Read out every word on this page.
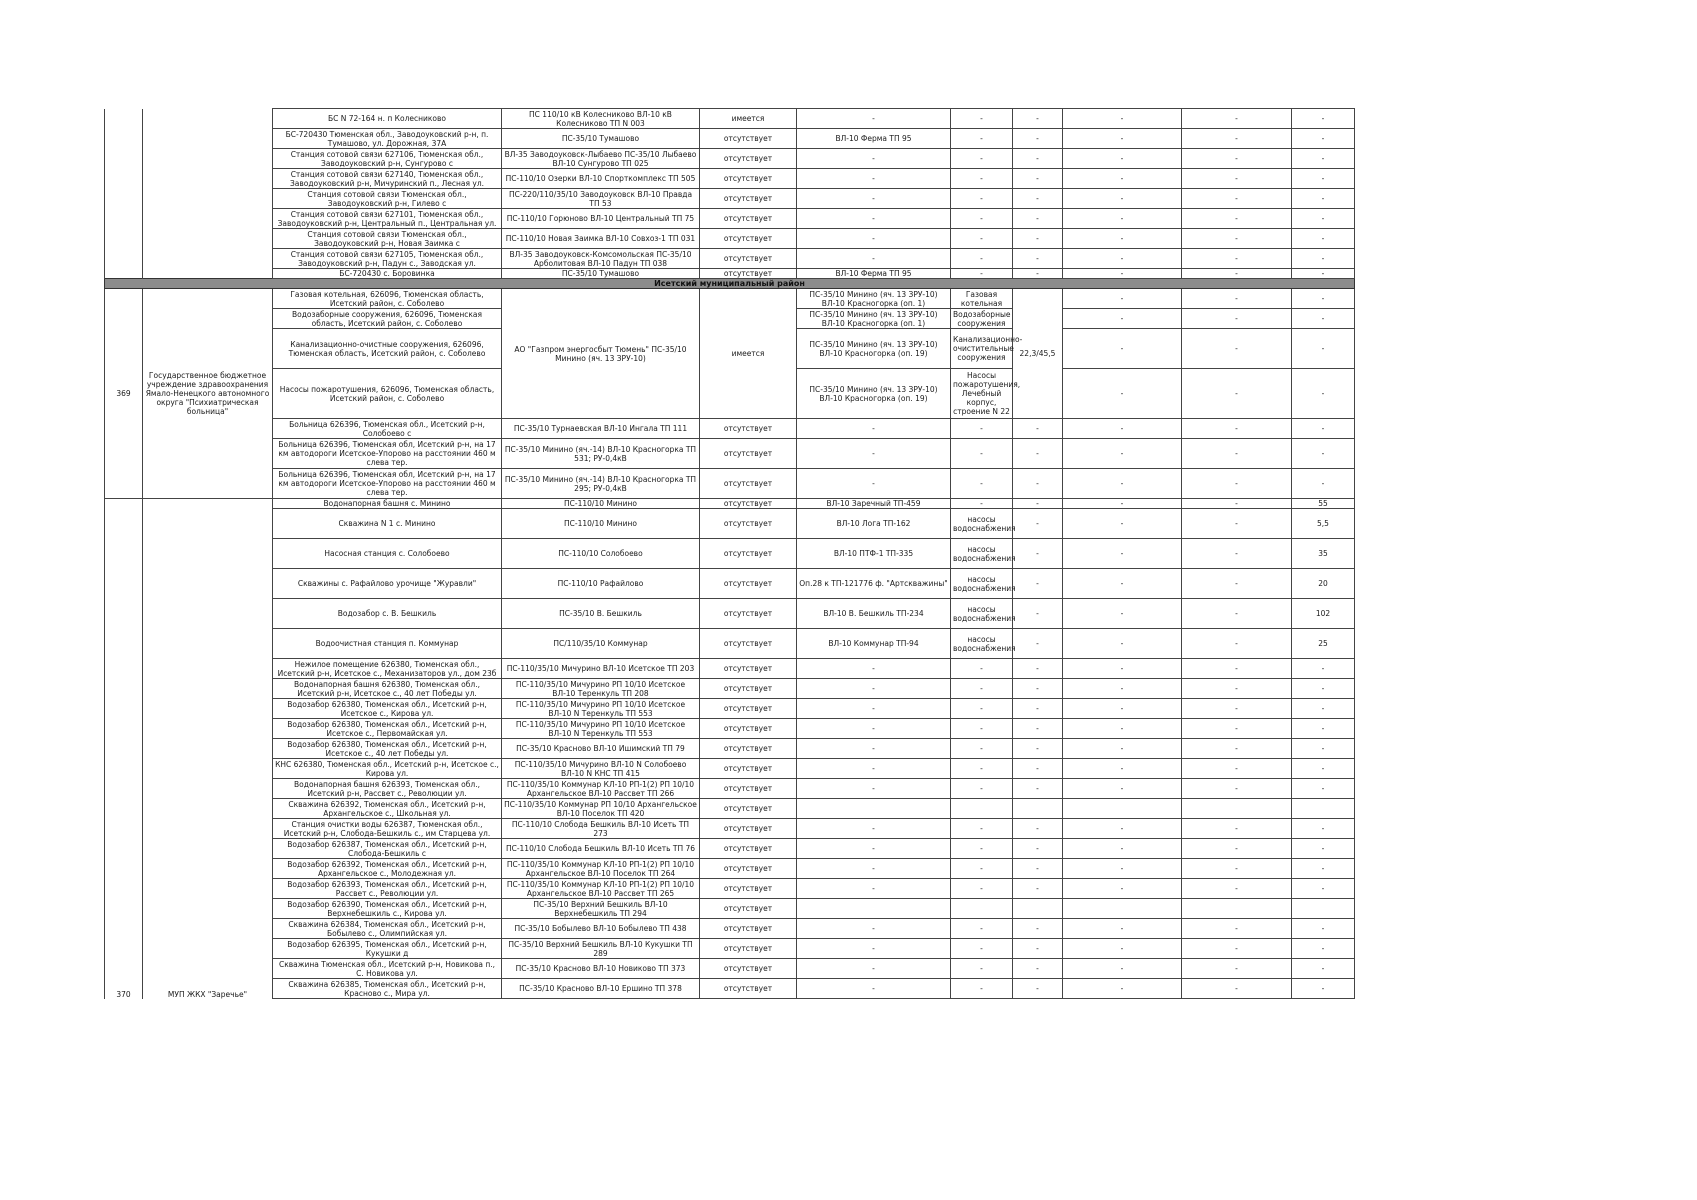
		БС N 72-164 н. п Колесниково	ПС 110/10 кВ Колесниково ВЛ-10 кВ Колесниково ТП N 003	имеется	-	-	-	-	-	-
		БС-720430 Тюменская обл., Заводоуковский р-н, п. Тумашово, ул. Дорожная, 37А	ПС-35/10 Тумашово	отсутствует	ВЛ-10 Ферма ТП 95	-	-	-	-	-
		Станция сотовой связи 627106, Тюменская обл., Заводоуковский р-н, Сунгурово с	ВЛ-35 Заводоуковск-Лыбаево ПС-35/10 Лыбаево ВЛ-10 Сунгурово ТП 025	отсутствует	-	-	-	-	-	-
		Станция сотовой связи 627140, Тюменская обл., Заводоуковский р-н, Мичуринский п., Лесная ул.	ПС-110/10 Озерки ВЛ-10 Спорткомплекс ТП 505	отсутствует	-	-	-	-	-	-
		Станция сотовой связи Тюменская обл., Заводоуковский р-н, Гилево с	ПС-220/110/35/10 Заводоуковск ВЛ-10 Правда ТП 53	отсутствует	-	-	-	-	-	-
		Станция сотовой связи 627101, Тюменская обл., Заводоуковский р-н, Центральный п., Центральная ул.	ПС-110/10 Горюново ВЛ-10 Центральный ТП 75	отсутствует	-	-	-	-	-	-
		Станция сотовой связи Тюменская обл., Заводоуковский р-н, Новая Заимка с	ПС-110/10 Новая Заимка ВЛ-10 Совхоз-1 ТП 031	отсутствует	-	-	-	-	-	-
		Станция сотовой связи 627105, Тюменская обл., Заводоуковский р-н, Падун с., Заводская ул.	ВЛ-35 Заводоуковск-Комсомольская ПС-35/10 Арболитовая ВЛ-10 Падун ТП 038	отсутствует	-	-	-	-	-	-
		БС-720430 с. Боровинка	ПС-35/10 Тумашово	отсутствует	ВЛ-10 Ферма ТП 95	-	-	-	-	-
Исетский муниципальный район										
369	Государственное бюджетное учреждение здравоохранения Ямало-Ненецкого автономного округа "Психиатрическая больница"	Газовая котельная, 626096, Тюменская область, Исетский район, с. Соболево	АО "Газпром энергосбыт Тюмень" ПС-35/10 Минино (яч. 13 ЗРУ-10)	имеется	ПС-35/10 Минино (яч. 13 ЗРУ-10) ВЛ-10 Красногорка (оп. 1)	Газовая котельная	22,3/45,5	-	-	-
		Водозаборные сооружения, 626096, Тюменская область, Исетский район, с. Соболево			ПС-35/10 Минино (яч. 13 ЗРУ-10) ВЛ-10 Красногорка (оп. 1)	Водозаборные сооружения		-	-	-
		Канализационно-очистные сооружения, 626096, Тюменская область, Исетский район, с. Соболево			ПС-35/10 Минино (яч. 13 ЗРУ-10) ВЛ-10 Красногорка (оп. 19)	Канализационно-очистительные сооружения		-	-	-
		Насосы пожаротушения, 626096, Тюменская область, Исетский район, с. Соболево			ПС-35/10 Минино (яч. 13 ЗРУ-10) ВЛ-10 Красногорка (оп. 19)	Насосы пожаротушения, Лечебный корпус, строение N 22		-	-	-
		Больница 626396, Тюменская обл., Исетский р-н, Солобоево с	ПС-35/10 Турнаевская ВЛ-10 Ингала ТП 111	отсутствует	-	-	-	-	-	-
		Больница 626396, Тюменская обл, Исетский р-н, на 17 км автодороги Исетское-Упорово на расстоянии 460 м слева тер.	ПС-35/10 Минино (яч.-14) ВЛ-10 Красногорка ТП 531; РУ-0,4кВ	отсутствует	-	-	-	-	-	-
		Больница 626396, Тюменская обл, Исетский р-н, на 17 км автодороги Исетское-Упорово на расстоянии 460 м слева тер.	ПС-35/10 Минино (яч.-14) ВЛ-10 Красногорка ТП 295; РУ-0,4кВ	отсутствует	-	-	-	-	-	-
370	МУП ЖКХ "Заречье"	Водонапорная башня с. Минино	ПС-110/10 Минино	отсутствует	ВЛ-10 Заречный ТП-459	-	-	-	-	55
		Скважина N 1 с. Минино	ПС-110/10 Минино	отсутствует	ВЛ-10 Лога ТП-162	насосы водоснабжения	-	-	-	5,5
		Насосная станция с. Солобоево	ПС-110/10 Солобоево	отсутствует	ВЛ-10 ПТФ-1 ТП-335	насосы водоснабжения	-	-	-	35
		Скважины с. Рафайлово урочище "Журавли"	ПС-110/10 Рафайлово	отсутствует	Оп.28 к ТП-121776 ф. "Артскважины"	насосы водоснабжения	-	-	-	20
		Водозабор с. В. Бешкиль	ПС-35/10 В. Бешкиль	отсутствует	ВЛ-10 В. Бешкиль ТП-234	насосы водоснабжения	-	-	-	102
		Водоочистная станция п. Коммунар	ПС/110/35/10 Коммунар	отсутствует	ВЛ-10 Коммунар ТП-94	насосы водоснабжения	-	-	-	25
		Нежилое помещение 626380, Тюменская обл., Исетский р-н, Исетское с., Механизаторов ул., дом 23б	ПС-110/35/10 Мичурино ВЛ-10 Исетское ТП 203	отсутствует	-	-	-	-	-	-
		Водонапорная башня 626380, Тюменская обл., Исетский р-н, Исетское с., 40 лет Победы ул.	ПС-110/35/10 Мичурино РП 10/10 Исетское ВЛ-10 Теренкуль ТП 208	отсутствует	-	-	-	-	-	-
		Водозабор 626380, Тюменская обл., Исетский р-н, Исетское с., Кирова ул.	ПС-110/35/10 Мичурино РП 10/10 Исетское ВЛ-10 N Теренкуль ТП 553	отсутствует	-	-	-	-	-	-
		Водозабор 626380, Тюменская обл., Исетский р-н, Исетское с., Первомайская ул.	ПС-110/35/10 Мичурино РП 10/10 Исетское ВЛ-10 N Теренкуль ТП 553	отсутствует	-	-	-	-	-	-
		Водозабор 626380, Тюменская обл., Исетский р-н, Исетское с., 40 лет Победы ул.	ПС-35/10 Красново ВЛ-10 Ишимский ТП 79	отсутствует	-	-	-	-	-	-
		КНС 626380, Тюменская обл., Исетский р-н, Исетское с., Кирова ул.	ПС-110/35/10 Мичурино ВЛ-10 N Солобоево ВЛ-10 N КНС ТП 415	отсутствует	-	-	-	-	-	-
		Водонапорная башня 626393, Тюменская обл., Исетский р-н, Рассвет с., Революции ул.	ПС-110/35/10 Коммунар КЛ-10 РП-1(2) РП 10/10 Архангельское ВЛ-10 Рассвет ТП 266	отсутствует	-	-	-	-	-	-
		Скважина 626392, Тюменская обл., Исетский р-н, Архангельское с., Школьная ул.	ПС-110/35/10 Коммунар РП 10/10 Архангельское ВЛ-10 Поселок ТП 420	отсутствует						
		Станция очистки воды 626387, Тюменская обл., Исетский р-н, Слобода-Бешкиль с., им Старцева ул.	ПС-110/10 Слобода Бешкиль ВЛ-10 Исеть ТП 273	отсутствует	-	-	-	-	-	-
		Водозабор 626387, Тюменская обл., Исетский р-н, Слобода-Бешкиль с	ПС-110/10 Слобода Бешкиль ВЛ-10 Исеть ТП 76	отсутствует	-	-	-	-	-	-
		Водозабор 626392, Тюменская обл., Исетский р-н, Архангельское с., Молодежная ул.	ПС-110/35/10 Коммунар КЛ-10 РП-1(2) РП 10/10 Архангельское ВЛ-10 Поселок ТП 264	отсутствует	-	-	-	-	-	-
		Водозабор 626393, Тюменская обл., Исетский р-н, Рассвет с., Революции ул.	ПС-110/35/10 Коммунар КЛ-10 РП-1(2) РП 10/10 Архангельское ВЛ-10 Рассвет ТП 265	отсутствует	-	-	-	-	-	-
		Водозабор 626390, Тюменская обл., Исетский р-н, Верхнебешкиль с., Кирова ул.	ПС-35/10 Верхний Бешкиль ВЛ-10 Верхнебешкиль ТП 294	отсутствует						
		Скважина 626384, Тюменская обл., Исетский р-н, Бобылево с., Олимпийская ул.	ПС-35/10 Бобылево ВЛ-10 Бобылево ТП 438	отсутствует	-	-	-	-	-	-
		Водозабор 626395, Тюменская обл., Исетский р-н, Кукушки д	ПС-35/10 Верхний Бешкиль ВЛ-10 Кукушки ТП 289	отсутствует	-	-	-	-	-	-
		Скважина Тюменская обл., Исетский р-н, Новикова п., С. Новикова ул.	ПС-35/10 Красново ВЛ-10 Новиково ТП 373	отсутствует	-	-	-	-	-	-
		Скважина 626385, Тюменская обл., Исетский р-н, Красново с., Мира ул.	ПС-35/10 Красново ВЛ-10 Ершино ТП 378	отсутствует	-	-	-	-	-	-
